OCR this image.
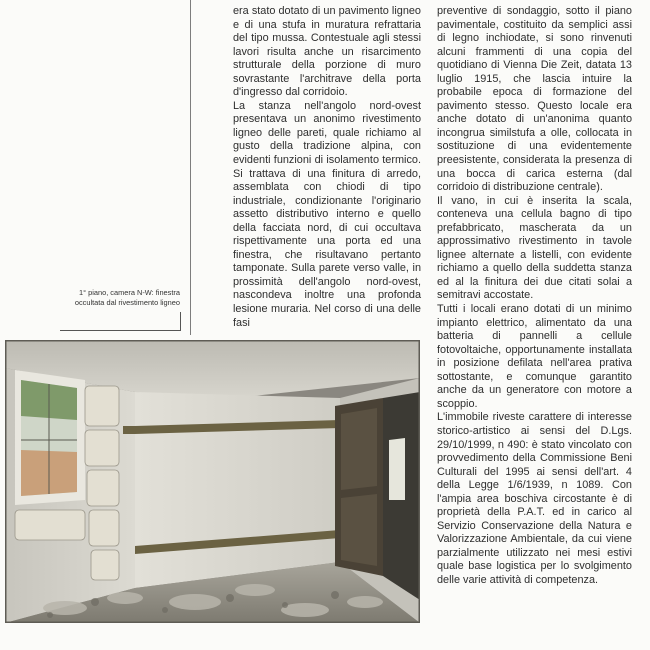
1° piano, camera N-W: finestra
occultata dal rivestimento ligneo

era stato dotato di un pavimento ligneo e di una stufa in muratura refrattaria del tipo mussa. Contestuale agli stessi lavori risulta anche un risarcimento strutturale della porzione di muro sovrastante l'architrave della porta d'ingresso dal corridoio.

La stanza nell'angolo nord-ovest presentava un anonimo rivestimento ligneo delle pareti, quale richiamo al gusto della tradizione alpina, con evidenti funzioni di isolamento termico. Si trattava di una finitura di arredo, assemblata con chiodi di tipo industriale, condizionante l'originario assetto distributivo interno e quello della facciata nord, di cui occultava rispettivamente una porta ed una finestra, che risultavano pertanto tamponate. Sulla parete verso valle, in prossimità dell'angolo nord-ovest, nascondeva inoltre una profonda lesione muraria. Nel corso di una delle fasi

preventive di sondaggio, sotto il piano pavimentale, costituito da semplici assi di legno inchiodate, si sono rinvenuti alcuni frammenti di una copia del quotidiano di Vienna Die Zeit, datata 13 luglio 1915, che lascia intuire la probabile epoca di formazione del pavimento stesso. Questo locale era anche dotato di un'anonima quanto incongrua similstufa a olle, collocata in sostituzione di una evidentemente preesistente, considerata la presenza di una bocca di carica esterna (dal corridoio di distribuzione centrale).

Il vano, in cui è inserita la scala, conteneva una cellula bagno di tipo prefabbricato, mascherata da un approssimativo rivestimento in tavole lignee alternate a listelli, con evidente richiamo a quello della suddetta stanza ed al la finitura dei due citati solai a semitravi accostate.

Tutti i locali erano dotati di un minimo impianto elettrico, alimentato da una batteria di pannelli a cellule fotovoltaiche, opportunamente installata in posizione defilata nell'area prativa sottostante, e comunque garantito anche da un generatore con motore a scoppio.

L'immobile riveste carattere di interesse storico-artistico ai sensi del D.Lgs. 29/10/1999, n 490: è stato vincolato con provvedimento della Commissione Beni Culturali del 1995 ai sensi dell'art. 4 della Legge 1/6/1939, n 1089. Con l'ampia area boschiva circostante è di proprietà della P.A.T. ed in carico al Servizio Conservazione della Natura e Valorizzazione Ambientale, da cui viene parzialmente utilizzato nei mesi estivi quale base logistica per lo svolgimento delle varie attività di competenza.
